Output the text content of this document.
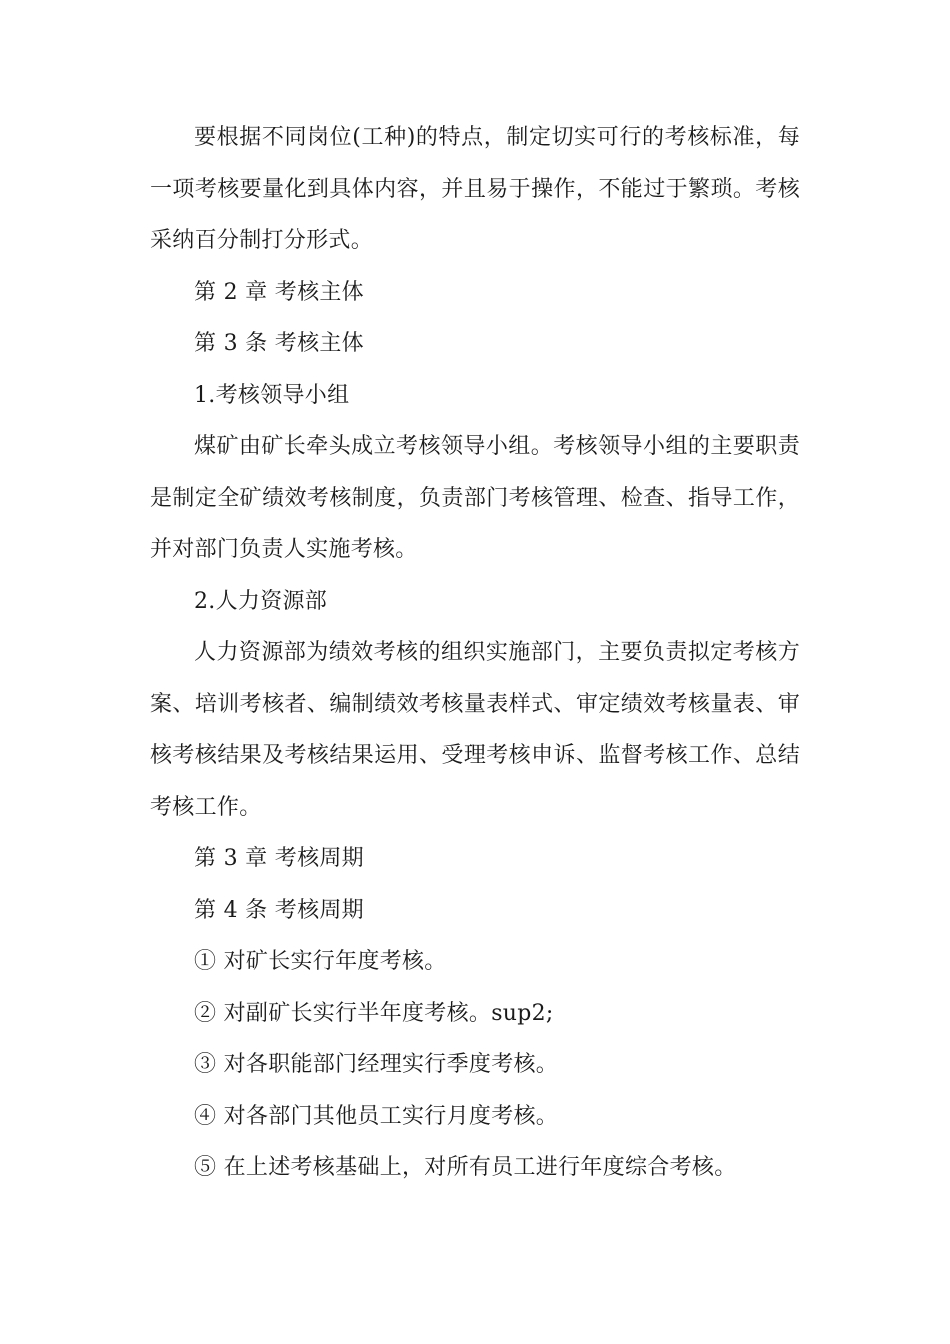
要根据不同岗位(工种)的特点，制定切实可行的考核标准，每一项考核要量化到具体内容，并且易于操作，不能过于繁琐。考核采纳百分制打分形式。

第 2 章 考核主体

第 3 条 考核主体

1.考核领导小组

煤矿由矿长牵头成立考核领导小组。考核领导小组的主要职责是制定全矿绩效考核制度，负责部门考核管理、检查、指导工作，并对部门负责人实施考核。

2.人力资源部

人力资源部为绩效考核的组织实施部门，主要负责拟定考核方案、培训考核者、编制绩效考核量表样式、审定绩效考核量表、审核考核结果及考核结果运用、受理考核申诉、监督考核工作、总结考核工作。

第 3 章 考核周期

第 4 条 考核周期

① 对矿长实行年度考核。

② 对副矿长实行半年度考核。sup2;

③ 对各职能部门经理实行季度考核。

④ 对各部门其他员工实行月度考核。

⑤ 在上述考核基础上，对所有员工进行年度综合考核。
